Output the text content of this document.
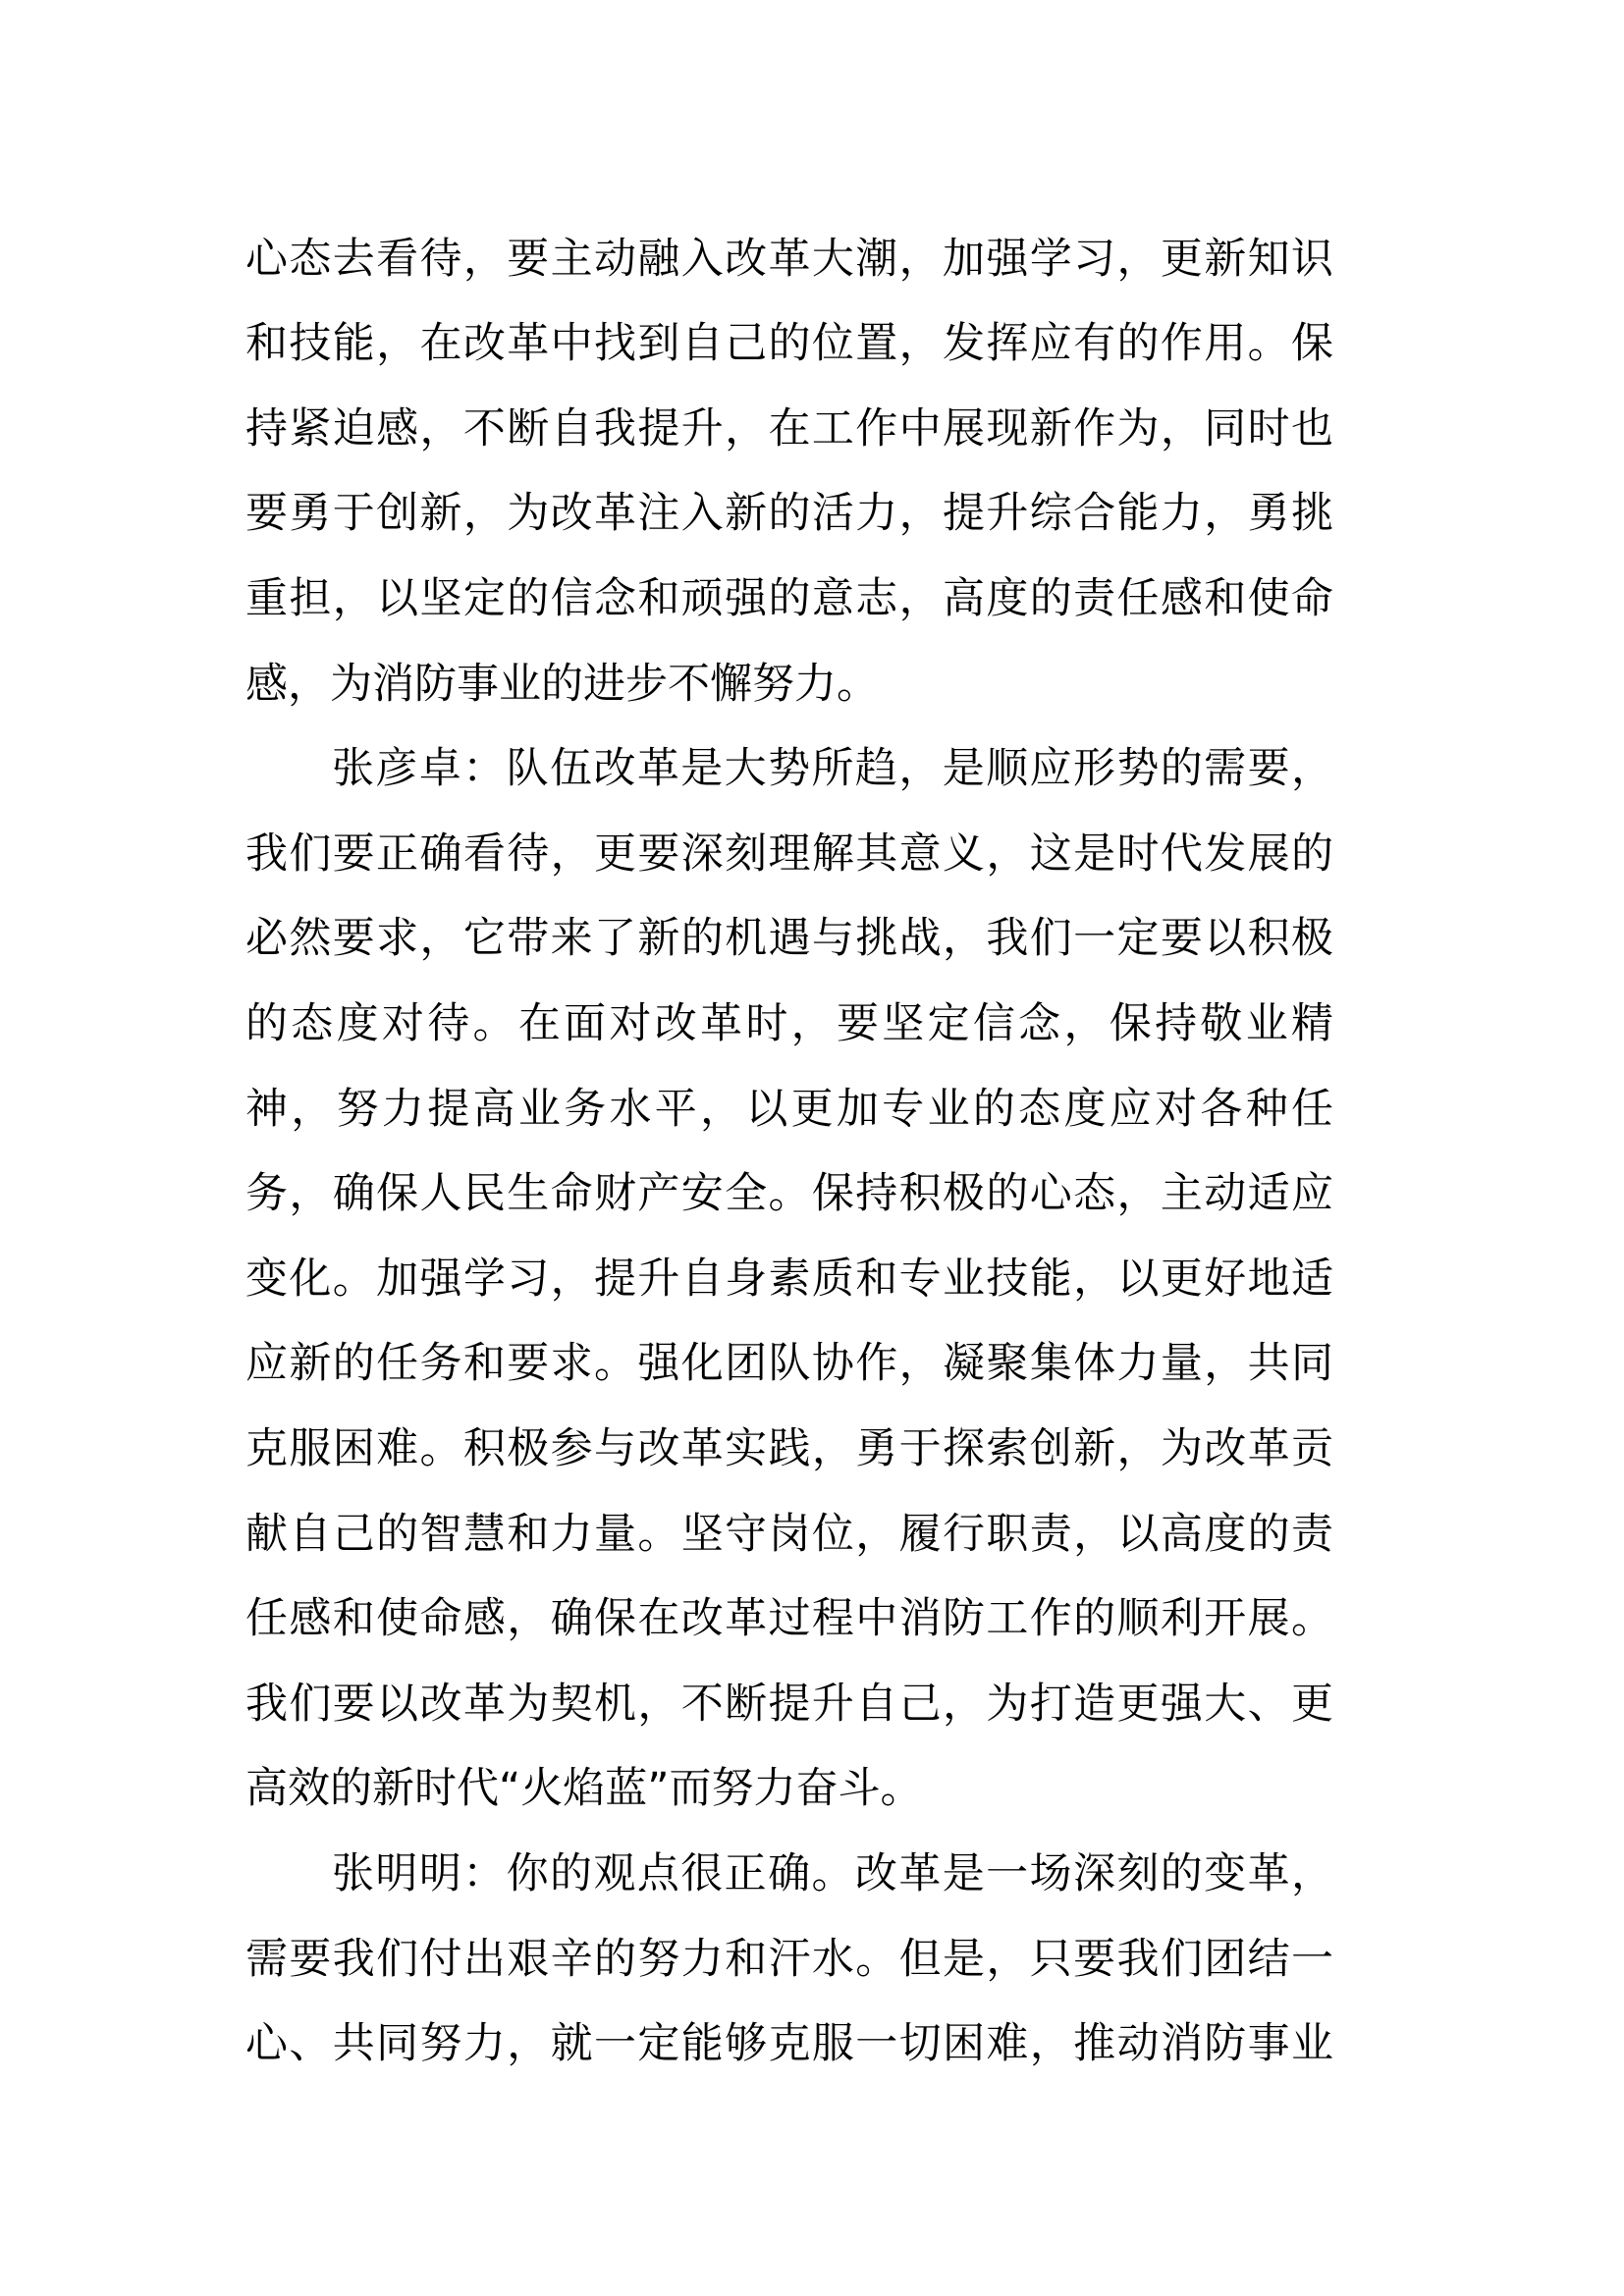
心态去看待，要主动融入改革大潮，加强学习，更新知识
和技能，在改革中找到自己的位置，发挥应有的作用。保
持紧迫感，不断自我提升，在工作中展现新作为，同时也
要勇于创新，为改革注入新的活力，提升综合能力，勇挑
重担，以坚定的信念和顽强的意志，高度的责任感和使命
感，为消防事业的进步不懈努力。
张彦卓：队伍改革是大势所趋，是顺应形势的需要，
我们要正确看待，更要深刻理解其意义，这是时代发展的
必然要求，它带来了新的机遇与挑战，我们一定要以积极
的态度对待。在面对改革时，要坚定信念，保持敬业精
神，努力提高业务水平，以更加专业的态度应对各种任
务，确保人民生命财产安全。保持积极的心态，主动适应
变化。加强学习，提升自身素质和专业技能，以更好地适
应新的任务和要求。强化团队协作，凝聚集体力量，共同
克服困难。积极参与改革实践，勇于探索创新，为改革贡
献自己的智慧和力量。坚守岗位，履行职责，以高度的责
任感和使命感，确保在改革过程中消防工作的顺利开展。
我们要以改革为契机，不断提升自己，为打造更强大、更
高效的新时代“火焰蓝”而努力奋斗。
张明明：你的观点很正确。改革是一场深刻的变革，
需要我们付出艰辛的努力和汗水。但是，只要我们团结一
心、共同努力，就一定能够克服一切困难，推动消防事业
